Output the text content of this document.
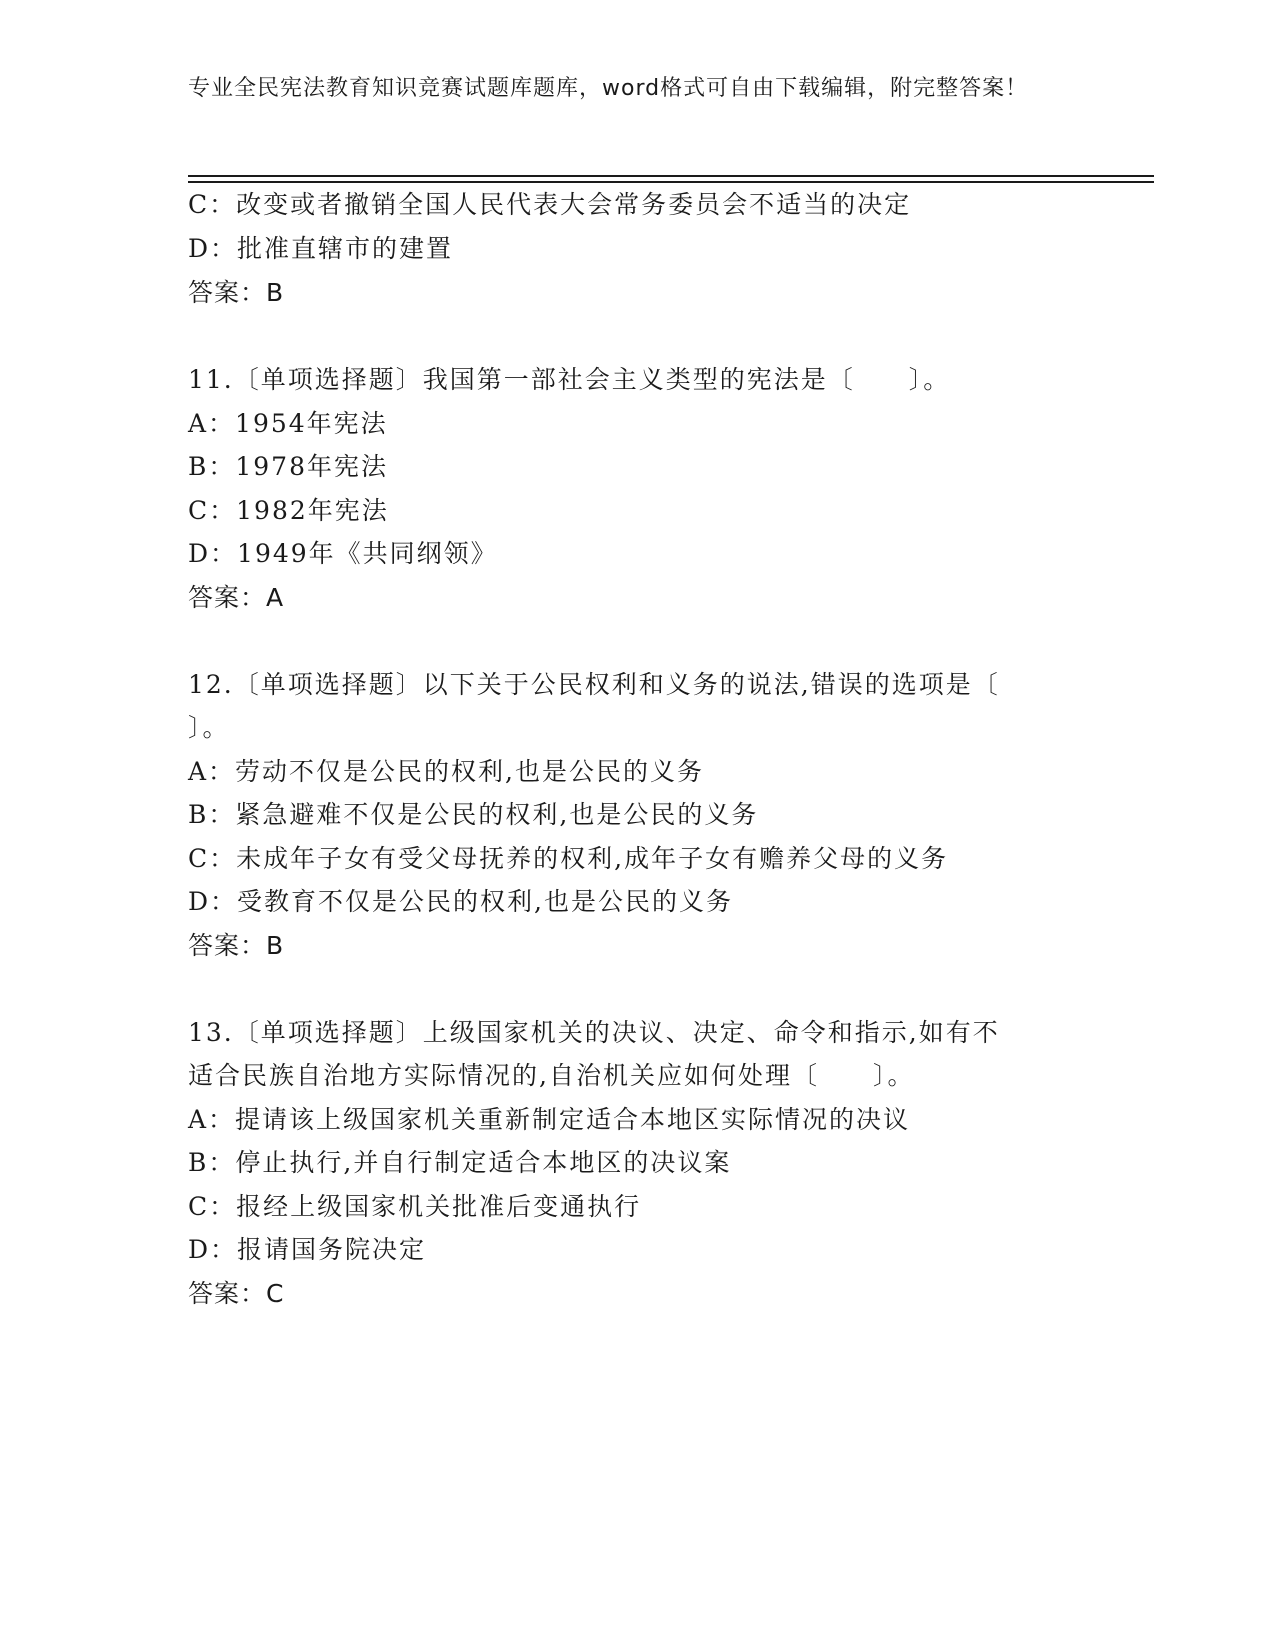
专业全民宪法教育知识竞赛试题库题库，word格式可自由下载编辑，附完整答案！
C：改变或者撤销全国人民代表大会常务委员会不适当的决定
D：批准直辖市的建置
答案：B
11.〔单项选择题〕我国第一部社会主义类型的宪法是〔　　〕。
A：1954年宪法
B：1978年宪法
C：1982年宪法
D：1949年《共同纲领》
答案：A
12.〔单项选择题〕以下关于公民权利和义务的说法,错误的选项是〔
〕。
A：劳动不仅是公民的权利,也是公民的义务
B：紧急避难不仅是公民的权利,也是公民的义务
C：未成年子女有受父母抚养的权利,成年子女有赡养父母的义务
D：受教育不仅是公民的权利,也是公民的义务
答案：B
13.〔单项选择题〕上级国家机关的决议、决定、命令和指示,如有不
适合民族自治地方实际情况的,自治机关应如何处理〔　　〕。
A：提请该上级国家机关重新制定适合本地区实际情况的决议
B：停止执行,并自行制定适合本地区的决议案
C：报经上级国家机关批准后变通执行
D：报请国务院决定
答案：C
